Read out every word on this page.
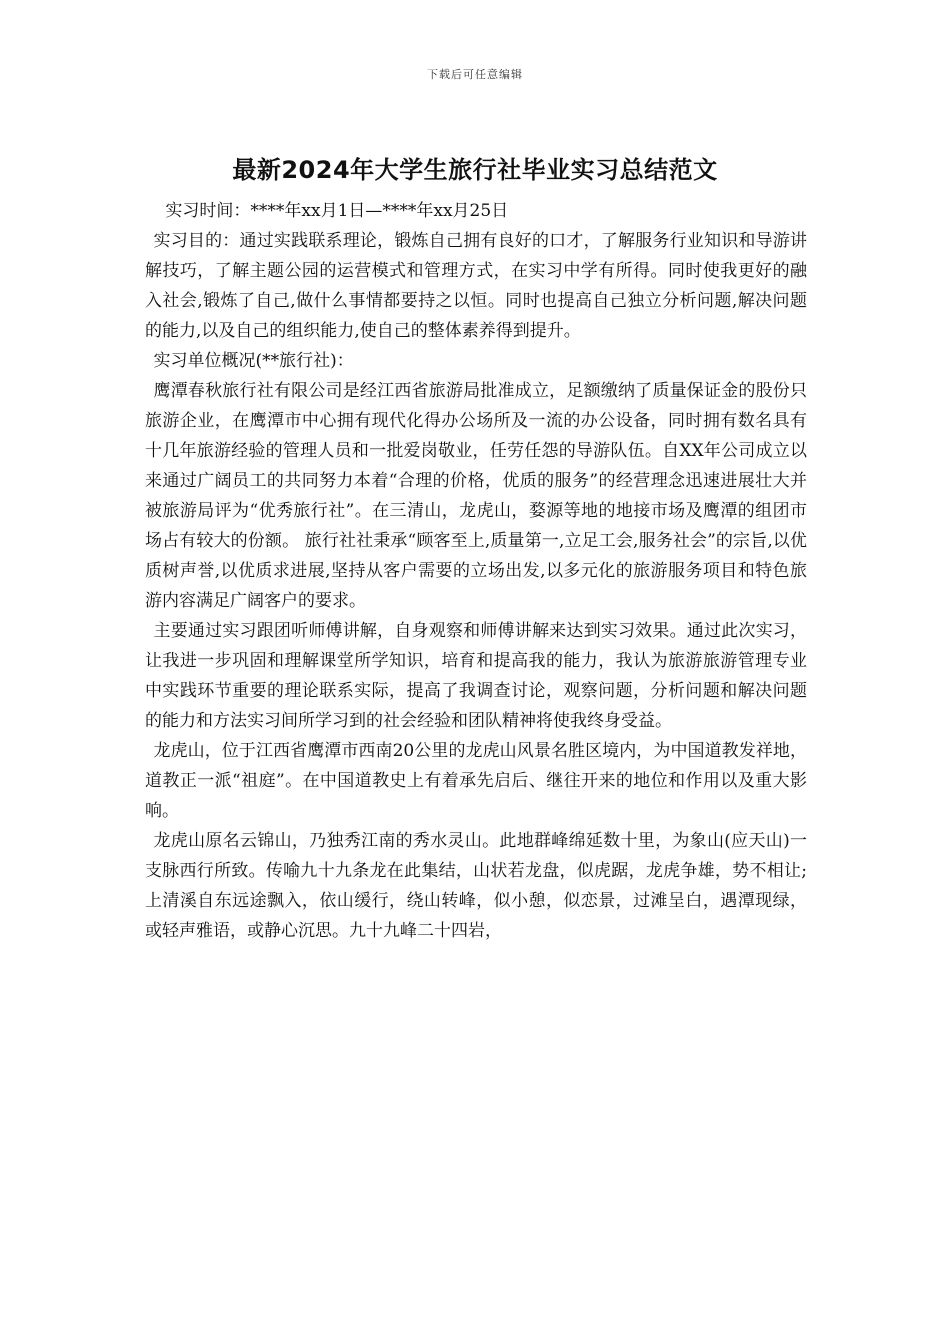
下载后可任意编辑
最新2024年大学生旅行社毕业实习总结范文

实习时间：****年xx月1日—****年xx月25日

实习目的：通过实践联系理论，锻炼自己拥有良好的口才，了解服务行业知识和导游讲解技巧，了解主题公园的运营模式和管理方式，在实习中学有所得。同时使我更好的融入社会,锻炼了自己,做什么事情都要持之以恒。同时也提高自己独立分析问题,解决问题的能力,以及自己的组织能力,使自己的整体素养得到提升。

实习单位概况(**旅行社)：

鹰潭春秋旅行社有限公司是经江西省旅游局批准成立，足额缴纳了质量保证金的股份只旅游企业，在鹰潭市中心拥有现代化得办公场所及一流的办公设备，同时拥有数名具有十几年旅游经验的管理人员和一批爱岗敬业，任劳任怨的导游队伍。自XX年公司成立以来通过广阔员工的共同努力本着“合理的价格，优质的服务”的经营理念迅速进展壮大并被旅游局评为“优秀旅行社”。在三清山，龙虎山，婺源等地的地接市场及鹰潭的组团市场占有较大的份额。 旅行社社秉承“顾客至上,质量第一,立足工会,服务社会”的宗旨,以优质树声誉,以优质求进展,坚持从客户需要的立场出发,以多元化的旅游服务项目和特色旅游内容满足广阔客户的要求。

主要通过实习跟团听师傅讲解，自身观察和师傅讲解来达到实习效果。通过此次实习，让我进一步巩固和理解课堂所学知识，培育和提高我的能力，我认为旅游旅游管理专业中实践环节重要的理论联系实际，提高了我调查讨论，观察问题，分析问题和解决问题的能力和方法实习间所学习到的社会经验和团队精神将使我终身受益。

龙虎山，位于江西省鹰潭市西南20公里的龙虎山风景名胜区境内，为中国道教发祥地，道教正一派“祖庭”。在中国道教史上有着承先启后、继往开来的地位和作用以及重大影响。

龙虎山原名云锦山，乃独秀江南的秀水灵山。此地群峰绵延数十里，为象山(应天山)一支脉西行所致。传喻九十九条龙在此集结，山状若龙盘，似虎踞，龙虎争雄，势不相让;上清溪自东远途飘入，依山缓行，绕山转峰，似小憩，似恋景，过滩呈白，遇潭现绿，或轻声雅语，或静心沉思。九十九峰二十四岩，
